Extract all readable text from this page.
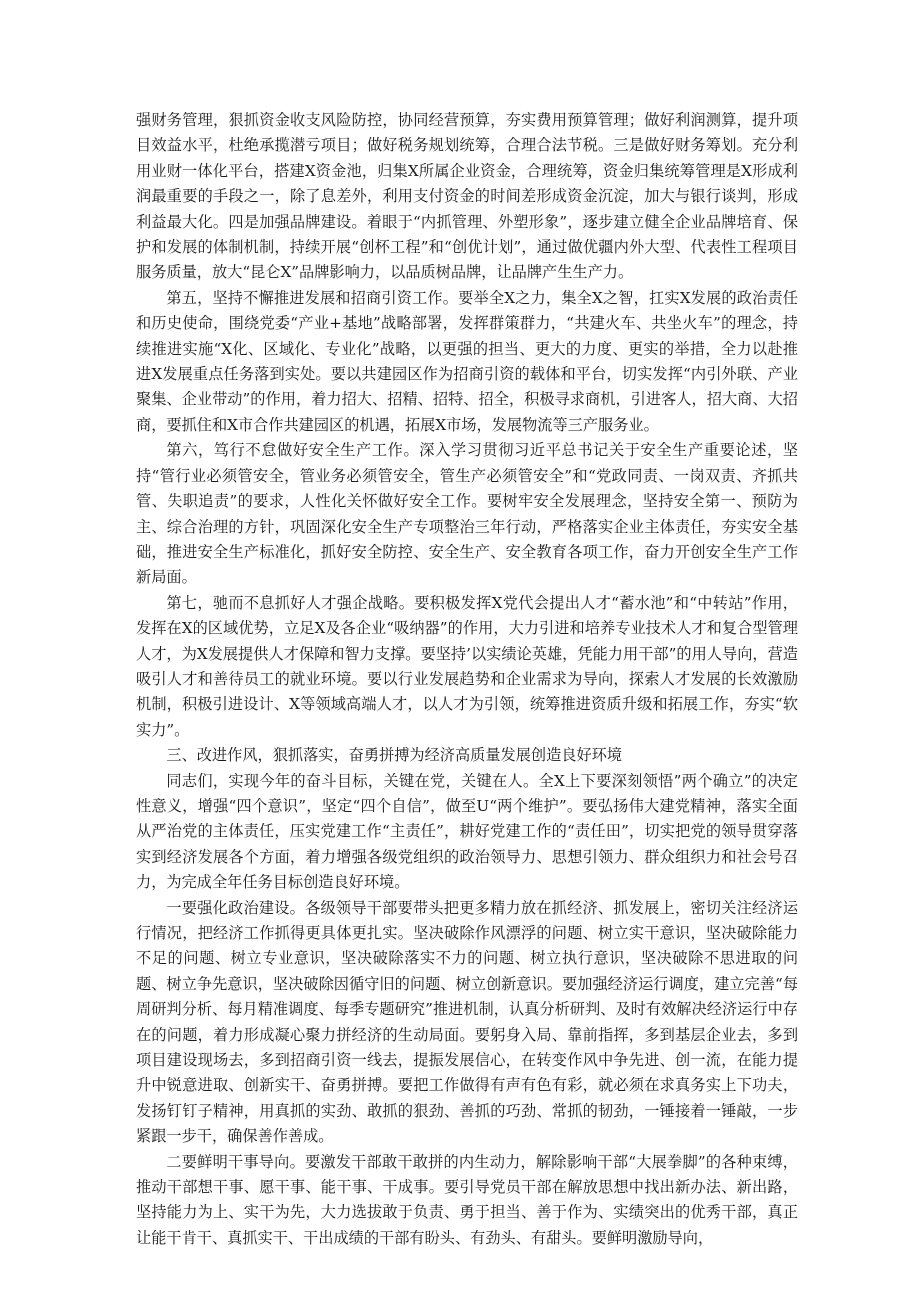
强财务管理，狠抓资金收支风险防控，协同经营预算，夯实费用预算管理；做好利润测算，提升项目效益水平，杜绝承揽潜亏项目；做好税务规划统筹，合理合法节税。三是做好财务筹划。充分利用业财一体化平台，搭建X资金池，归集X所属企业资金，合理统筹，资金归集统筹管理是X形成利润最重要的手段之一，除了息差外，利用支付资金的时间差形成资金沉淀，加大与银行谈判，形成利益最大化。四是加强品牌建设。着眼于“内抓管理、外塑形象”，逐步建立健全企业品牌培育、保护和发展的体制机制，持续开展“创杯工程”和“创优计划”，通过做优疆内外大型、代表性工程项目服务质量，放大“昆仑X”品牌影响力，以品质树品牌，让品牌产生生产力。

第五，坚持不懈推进发展和招商引资工作。要举全X之力，集全X之智，扛实X发展的政治责任和历史使命，围绕党委“产业+基地”战略部署，发挥群策群力，“共建火车、共坐火车”的理念，持续推进实施“X化、区域化、专业化”战略，以更强的担当、更大的力度、更实的举措，全力以赴推进X发展重点任务落到实处。要以共建园区作为招商引资的载体和平台，切实发挥“内引外联、产业聚集、企业带动”的作用，着力招大、招精、招特、招全，积极寻求商机，引进客人，招大商、大招商，要抓住和X市合作共建园区的机遇，拓展X市场，发展物流等三产服务业。

第六，笃行不怠做好安全生产工作。深入学习贯彻习近平总书记关于安全生产重要论述，坚持“管行业必须管安全，管业务必须管安全，管生产必须管安全”和“党政同责、一岗双责、齐抓共管、失职追责”的要求，人性化关怀做好安全工作。要树牢安全发展理念，坚持安全第一、预防为主、综合治理的方针，巩固深化安全生产专项整治三年行动，严格落实企业主体责任，夯实安全基础，推进安全生产标准化，抓好安全防控、安全生产、安全教育各项工作，奋力开创安全生产工作新局面。

第七，驰而不息抓好人才强企战略。要积极发挥X党代会提出人才“蓄水池”和“中转站”作用，发挥在X的区域优势，立足X及各企业“吸纳器”的作用，大力引进和培养专业技术人才和复合型管理人才，为X发展提供人才保障和智力支撑。要坚持’以实绩论英雄，凭能力用干部”的用人导向，营造吸引人才和善待员工的就业环境。要以行业发展趋势和企业需求为导向，探索人才发展的长效激励机制，积极引进设计、X等领域高端人才，以人才为引领，统筹推进资质升级和拓展工作，夯实“软实力”。

三、改进作风，狠抓落实，奋勇拼搏为经济高质量发展创造良好环境

同志们，实现今年的奋斗目标，关键在党，关键在人。全X上下要深刻领悟”两个确立”的决定性意义，增强“四个意识”，坚定“四个自信”，做至U“两个维护”。要弘扬伟大建党精神，落实全面从严治党的主体责任，压实党建工作“主责任”，耕好党建工作的“责任田”，切实把党的领导贯穿落实到经济发展各个方面，着力增强各级党组织的政治领导力、思想引领力、群众组织力和社会号召力，为完成全年任务目标创造良好环境。

一要强化政治建设。各级领导干部要带头把更多精力放在抓经济、抓发展上，密切关注经济运行情况，把经济工作抓得更具体更扎实。坚决破除作风漂浮的问题、树立实干意识，坚决破除能力不足的问题、树立专业意识，坚决破除落实不力的问题、树立执行意识，坚决破除不思进取的问题、树立争先意识，坚决破除因循守旧的问题、树立创新意识。要加强经济运行调度，建立完善“每周研判分析、每月精准调度、每季专题研究”推进机制，认真分析研判、及时有效解决经济运行中存在的问题，着力形成凝心聚力拼经济的生动局面。要躬身入局、靠前指挥，多到基层企业去，多到项目建设现场去，多到招商引资一线去，提振发展信心，在转变作风中争先进、创一流，在能力提升中锐意进取、创新实干、奋勇拼搏。要把工作做得有声有色有彩，就必须在求真务实上下功夫，发扬钉钉子精神，用真抓的实劲、敢抓的狠劲、善抓的巧劲、常抓的韧劲，一锤接着一锤敲，一步紧跟一步干，确保善作善成。

二要鲜明干事导向。要激发干部敢干敢拼的内生动力，解除影响干部“大展拳脚”的各种束缚，推动干部想干事、愿干事、能干事、干成事。要引导党员干部在解放思想中找出新办法、新出路，坚持能力为上、实干为先，大力选拔敢于负责、勇于担当、善于作为、实绩突出的优秀干部，真正让能干肯干、真抓实干、干出成绩的干部有盼头、有劲头、有甜头。要鲜明激励导向，
